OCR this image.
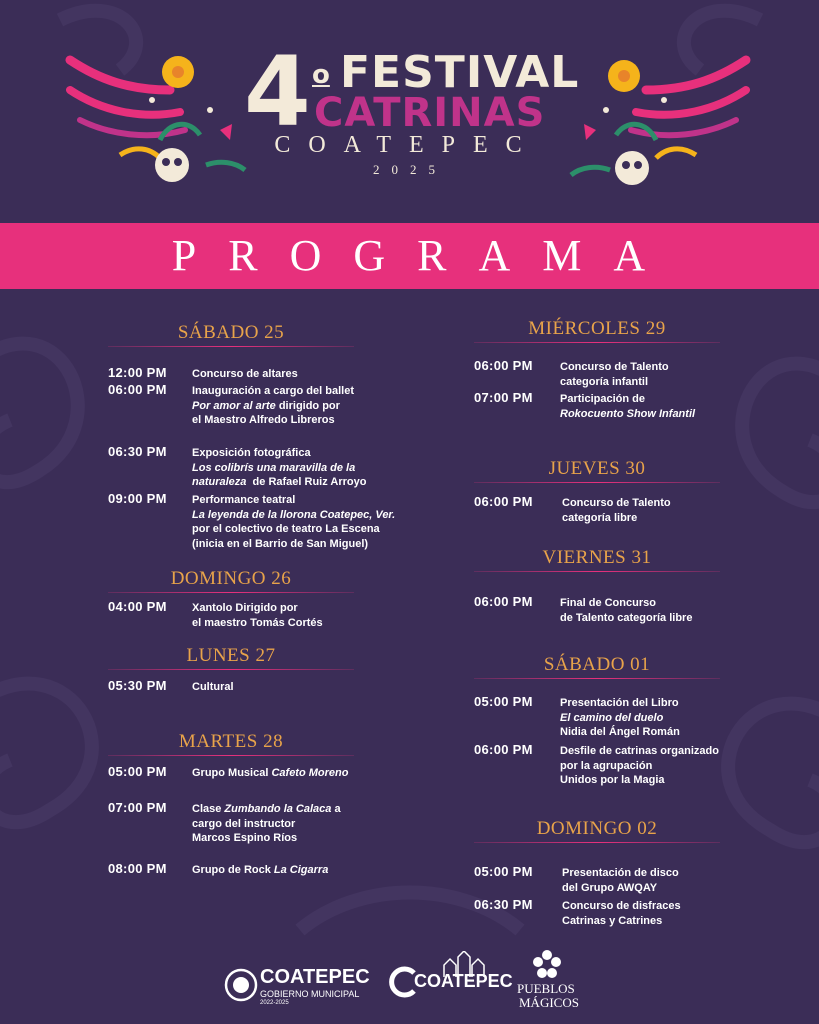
4 o FESTIVAL
CATRINAS
COATEPEC
2025
PROGRAMA
SÁBADO 25
12:00 PM	Concurso de altares
06:00 PM	Inauguración a cargo del ballet
Por amor al arte dirigido por
el Maestro Alfredo Libreros
06:30 PM	Exposición fotográfica
Los colibrís una maravilla de la
naturaleza de Rafael Ruiz Arroyo
09:00 PM	Performance teatral
La leyenda de la llorona Coatepec, Ver.
por el colectivo de teatro La Escena
(inicia en el Barrio de San Miguel)
DOMINGO 26
04:00 PM	Xantolo Dirigido por
el maestro Tomás Cortés
LUNES 27
05:30 PM	Cultural
MARTES 28
05:00 PM	Grupo Musical Cafeto Moreno
07:00 PM	Clase Zumbando la Calaca a
cargo del instructor
Marcos Espino Ríos
08:00 PM	Grupo de Rock La Cigarra
MIÉRCOLES 29
06:00 PM	Concurso de Talento
categoría infantil
07:00 PM	Participación de
Rokocuento Show Infantil
JUEVES 30
06:00 PM	Concurso de Talento
categoría libre
VIERNES 31
06:00 PM	Final de Concurso
de Talento categoría libre
SÁBADO 01
05:00 PM	Presentación del Libro
El camino del duelo
Nidia del Ángel Román
06:00 PM	Desfile de catrinas organizado
por la agrupación
Unidos por la Magia
DOMINGO 02
05:00 PM	Presentación de disco
del Grupo AWQAY
06:30 PM	Concurso de disfraces
Catrinas y Catrines
COATEPEC
GOBIERNO MUNICIPAL
2022-2025
COATEPEC PUEBLOS
MÁGICOS
